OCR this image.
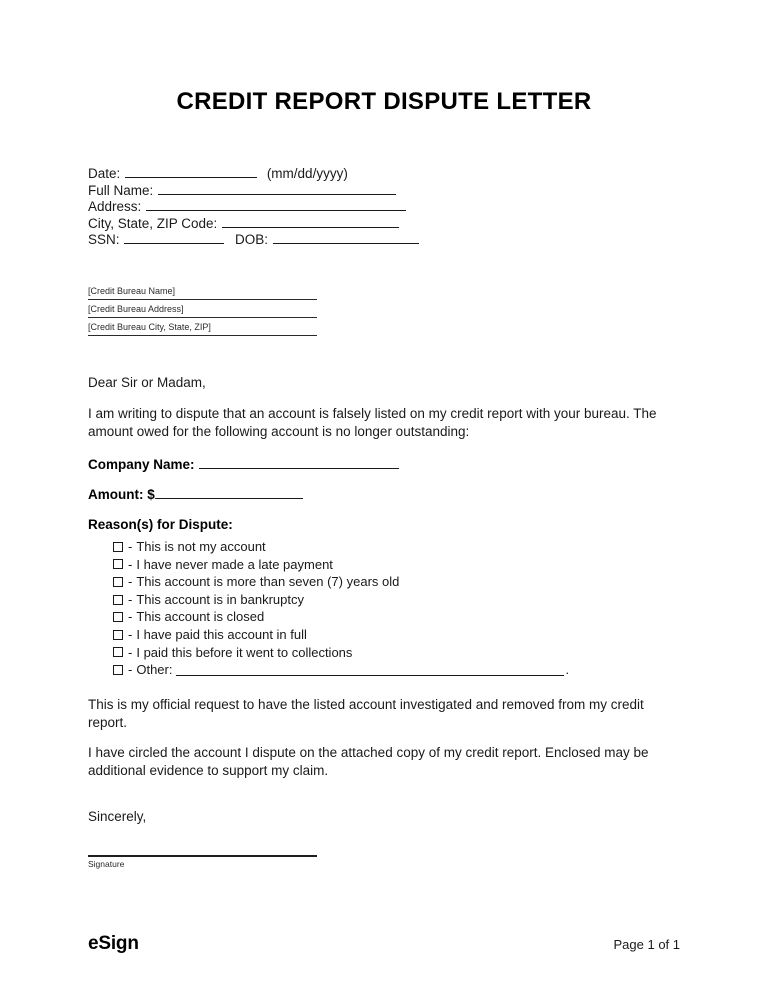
CREDIT REPORT DISPUTE LETTER
Date:	(mm/dd/yyyy)
Full Name:
Address:
City, State, ZIP Code:
SSN:	DOB:
[Credit Bureau Name]
[Credit Bureau Address]
[Credit Bureau City, State, ZIP]
Dear Sir or Madam,
I am writing to dispute that an account is falsely listed on my credit report with your bureau. The amount owed for the following account is no longer outstanding:
Company Name:
Amount: $
Reason(s) for Dispute:
- This is not my account
- I have never made a late payment
- This account is more than seven (7) years old
- This account is in bankruptcy
- This account is closed
- I have paid this account in full
- I paid this before it went to collections
- Other:	.
This is my official request to have the listed account investigated and removed from my credit report.
I have circled the account I dispute on the attached copy of my credit report. Enclosed may be additional evidence to support my claim.
Sincerely,
Signature
eSign	Page 1 of 1
